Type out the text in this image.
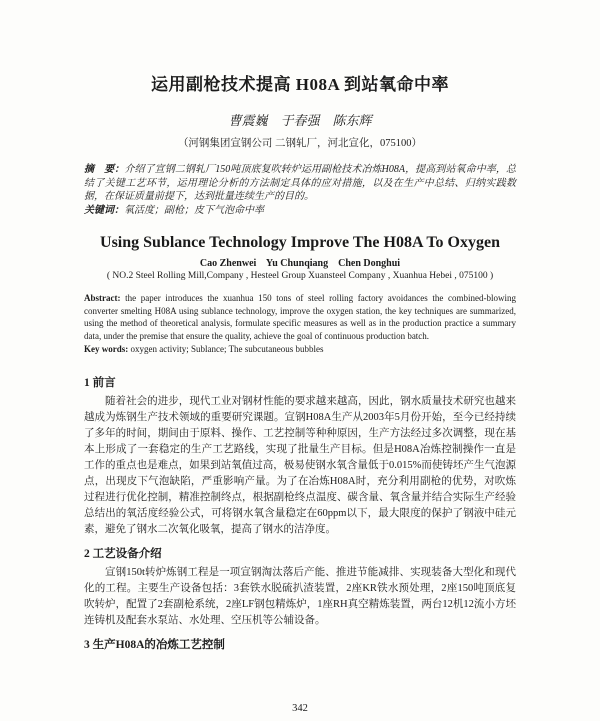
运用副枪技术提高 H08A 到站氧命中率
曹震巍　于春强　陈东辉
（河钢集团宣钢公司 二钢轧厂，河北宣化，075100）

摘　要：介绍了宣钢二钢轧厂150吨顶底复吹转炉运用副枪技术冶炼H08A，提高到站氧命中率，总结了关键工艺环节，运用理论分析的方法制定具体的应对措施，以及在生产中总结、归纳实践数据，在保证质量前提下，达到批量连续生产的目的。

关键词：氧活度；副枪；皮下气泡命中率

Using Sublance Technology Improve The H08A To Oxygen
Cao Zhenwei    Yu Chunqiang    Chen Donghui
( NO.2 Steel Rolling Mill,Company , Hesteel Group Xuansteel Company , Xuanhua Hebei , 075100 )

Abstract: the paper introduces the xuanhua 150 tons of steel rolling factory avoidances the combined-blowing converter smelting H08A using sublance technology, improve the oxygen station, the key techniques are summarized, using the method of theoretical analysis, formulate specific measures as well as in the production practice a summary data, under the premise that ensure the quality, achieve the goal of continuous production batch.

Key words: oxygen activity; Sublance; The subcutaneous bubbles

1 前言

随着社会的进步，现代工业对钢材性能的要求越来越高，因此，钢水质量技术研究也越来越成为炼钢生产技术领域的重要研究课题。宣钢H08A生产从2003年5月份开始，至今已经持续了多年的时间，期间由于原料、操作、工艺控制等种种原因，生产方法经过多次调整，现在基本上形成了一套稳定的生产工艺路线，实现了批量生产目标。但是H08A冶炼控制操作一直是工作的重点也是难点，如果到站氧值过高，极易使钢水氧含量低于0.015%而使铸坯产生气泡源点，出现皮下气泡缺陷，严重影响产量。为了在冶炼H08A时，充分利用副枪的优势，对吹炼过程进行优化控制，精准控制终点，根据副枪终点温度、碳含量、氧含量并结合实际生产经验总结出的氧活度经验公式，可将钢水氧含量稳定在60ppm以下，最大限度的保护了钢液中硅元素，避免了钢水二次氧化吸氧，提高了钢水的洁净度。

2 工艺设备介绍

宣钢150t转炉炼钢工程是一项宣钢淘汰落后产能、推进节能减排、实现装备大型化和现代化的工程。主要生产设备包括：3套铁水脱硫扒渣装置，2座KR铁水预处理，2座150吨顶底复吹转炉，配置了2套副枪系统，2座LF钢包精炼炉，1座RH真空精炼装置，两台12机12流小方坯连铸机及配套水泵站、水处理、空压机等公辅设备。

3 生产H08A的冶炼工艺控制
342
